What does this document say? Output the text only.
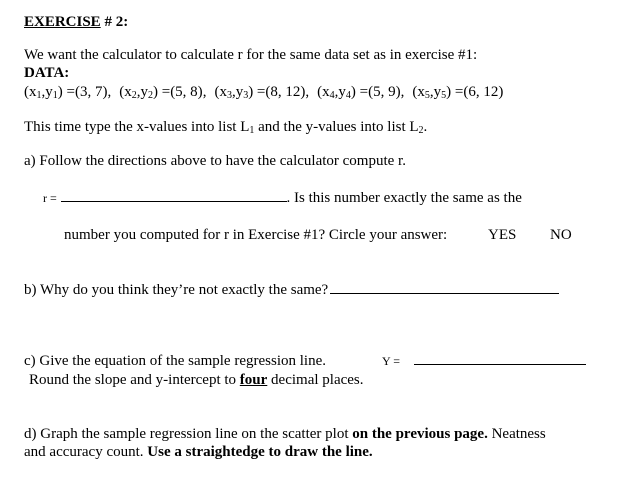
EXERCISE # 2:
We want the calculator to calculate r for the same data set as in exercise #1:
DATA:
$(x_1,y_1) =(3$, 7), $(x_2,y_2) =(5$, 8), $(x_3,y_3) =(8$, 12), $(x_4,y_4) =(5$, 9), $(x_5,y_5) =(6$, 12)
This time type the x-values into list $L_1$ and the y-values into list $L_2$.
a) Follow the directions above to have the calculator compute r.
r =	. Is this number exactly the same as the
number you computed for r in Exercise #1? Circle your answer:	YES NO
b) Why do you think they’re not exactly the same?
c) Give the equation of the sample regression line.	Y =
Round the slope and y-intercept to four decimal places.
d) Graph the sample regression line on the scatter plot on the previous page. Neatness
and accuracy count. Use a straightedge to draw the line.
